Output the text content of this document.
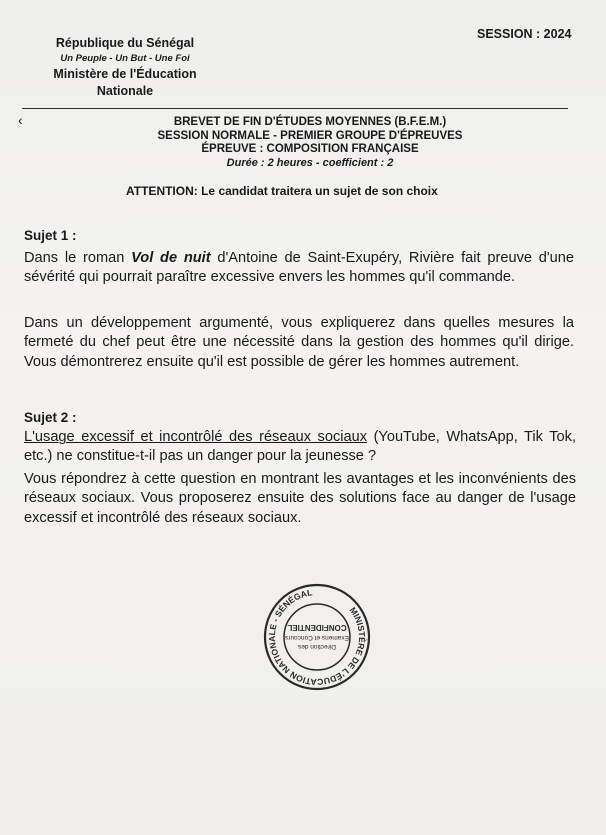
République du Sénégal
Un Peuple - Un But - Une Foi
Ministère de l'Éducation
Nationale
SESSION : 2024
‹	BREVET DE FIN D'ÉTUDES MOYENNES (B.F.E.M.)
SESSION NORMALE - PREMIER GROUPE D'ÉPREUVES
ÉPREUVE : COMPOSITION FRANÇAISE
Durée : 2 heures - coefficient : 2
ATTENTION: Le candidat traitera un sujet de son choix
Sujet 1 :
Dans le roman Vol de nuit d'Antoine de Saint-Exupéry, Rivière fait preuve d'une sévérité qui pourrait paraître excessive envers les hommes qu'il commande.
Dans un développement argumenté, vous expliquerez dans quelles mesures la fermeté du chef peut être une nécessité dans la gestion des hommes qu'il dirige. Vous démontrerez ensuite qu'il est possible de gérer les hommes autrement.
Sujet 2 :
L'usage excessif et incontrôlé des réseaux sociaux (YouTube, WhatsApp, Tik Tok, etc.) ne constitue-t-il pas un danger pour la jeunesse ?
Vous répondrez à cette question en montrant les avantages et les inconvénients des réseaux sociaux. Vous proposerez ensuite des solutions face au danger de l'usage excessif et incontrôlé des réseaux sociaux.
MINISTÈRE DE L'ÉDUCATION NATIONALE - SÉNÉGAL
Direction des
Examens et Concours
CONFIDENTIEL
